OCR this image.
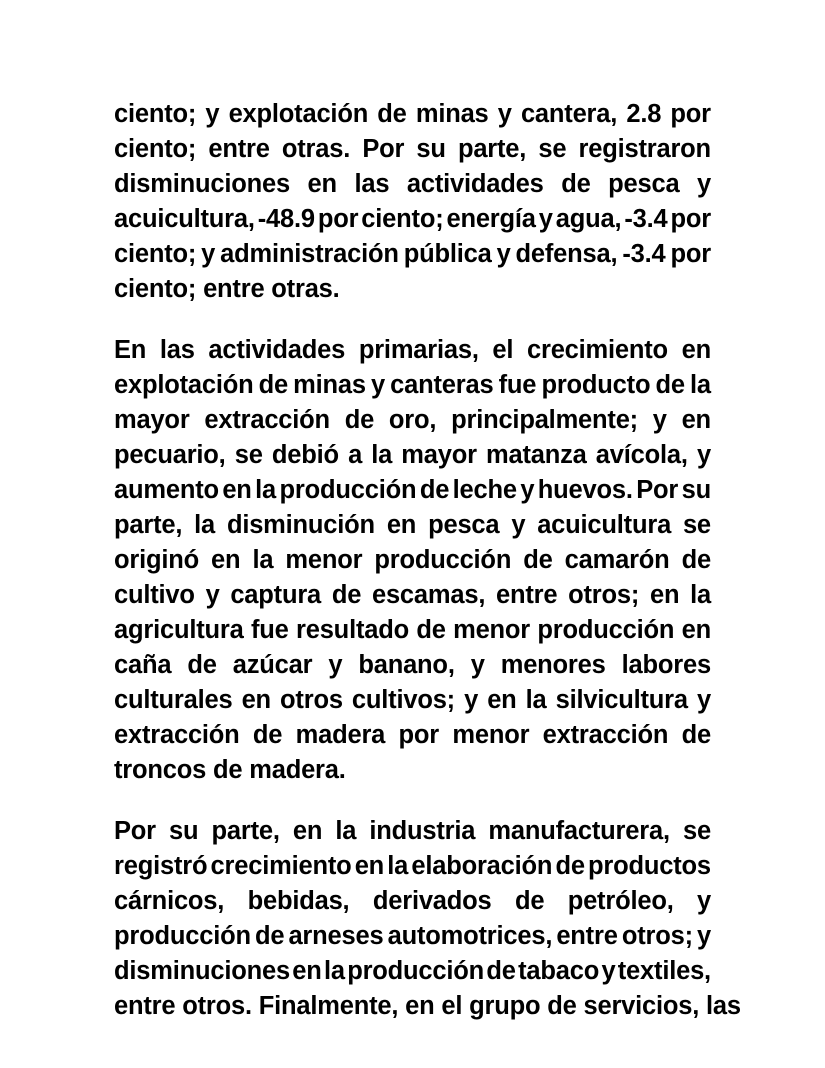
ciento; y explotación de minas y cantera, 2.8 por
ciento; entre otras. Por su parte, se registraron
disminuciones en las actividades de pesca y
acuicultura, -48.9 por ciento; energía y agua, -3.4 por
ciento; y administración pública y defensa, -3.4 por
ciento; entre otras.

En las actividades primarias, el crecimiento en
explotación de minas y canteras fue producto de la
mayor extracción de oro, principalmente; y en
pecuario, se debió a la mayor matanza avícola, y
aumento en la producción de leche y huevos. Por su
parte, la disminución en pesca y acuicultura se
originó en la menor producción de camarón de
cultivo y captura de escamas, entre otros; en la
agricultura fue resultado de menor producción en
caña de azúcar y banano, y menores labores
culturales en otros cultivos; y en la silvicultura y
extracción de madera por menor extracción de
troncos de madera.

Por su parte, en la industria manufacturera, se
registró crecimiento en la elaboración de productos
cárnicos, bebidas, derivados de petróleo, y
producción de arneses automotrices, entre otros; y
disminuciones en la producción de tabaco y textiles,
entre otros. Finalmente, en el grupo de servicios, las
